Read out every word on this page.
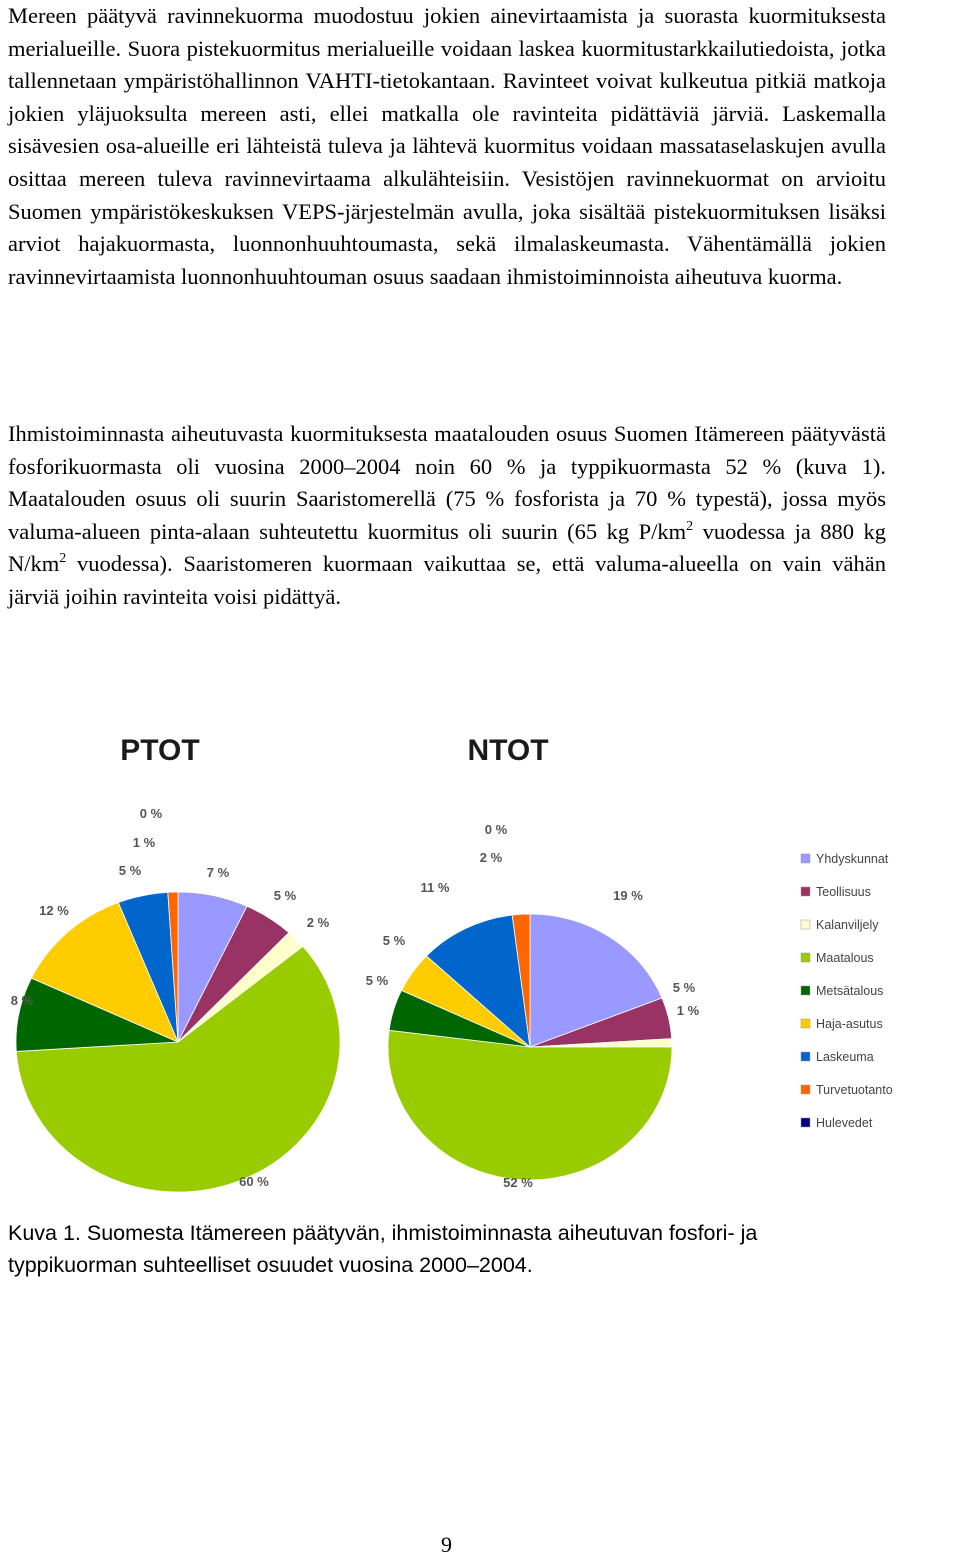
Mereen päätyvä ravinnekuorma muodostuu jokien ainevirtaamista ja suorasta kuormituksesta merialueille. Suora pistekuormitus merialueille voidaan laskea kuormitustarkkailutiedoista, jotka tallennetaan ympäristöhallinnon VAHTI-tietokantaan. Ravinteet voivat kulkeutua pitkiä matkoja jokien yläjuoksulta mereen asti, ellei matkalla ole ravinteita pidättäviä järviä. Laskemalla sisävesien osa-alueille eri lähteistä tuleva ja lähtevä kuormitus voidaan massataselaskujen avulla osittaa mereen tuleva ravinnevirtaama alkulähteisiin. Vesistöjen ravinnekuormat on arvioitu Suomen ympäristökeskuksen VEPS-järjestelmän avulla, joka sisältää pistekuormituksen lisäksi arviot hajakuormasta, luonnonhuuhtoumasta, sekä ilmalaskeumasta. Vähentämällä jokien ravinnevirtaamista luonnonhuuhtouman osuus saadaan ihmistoiminnoista aiheutuva kuorma.

Ihmistoiminnasta aiheutuvasta kuormituksesta maatalouden osuus Suomen Itämereen päätyvästä fosforikuormasta oli vuosina 2000–2004 noin 60 % ja typpikuormasta 52 % (kuva 1). Maatalouden osuus oli suurin Saaristomerellä (75 % fosforista ja 70 % typestä), jossa myös valuma-alueen pinta-alaan suhteutettu kuormitus oli suurin (65 kg $P/km^2$ vuodessa ja 880 kg $N/km^2$ vuodessa). Saaristomeren kuormaan vaikuttaa se, että valuma-alueella on vain vähän järviä joihin ravinteita voisi pidättyä.

PTOT	NTOT
7 %
5 %
2 %
60 %
8 %
12 %
5 %
1 %
0 %
19 %
5 %
1 %
52 %
5 %
5 %
11 %
2 %
0 %
Yhdyskunnat
Teollisuus
Kalanviljely
Maatalous
Metsätalous
Haja-asutus
Laskeuma
Turvetuotanto
Hulevedet

Kuva 1. Suomesta Itämereen päätyvän, ihmistoiminnasta aiheutuvan fosfori- ja typpikuorman suhteelliset osuudet vuosina 2000–2004.

9
